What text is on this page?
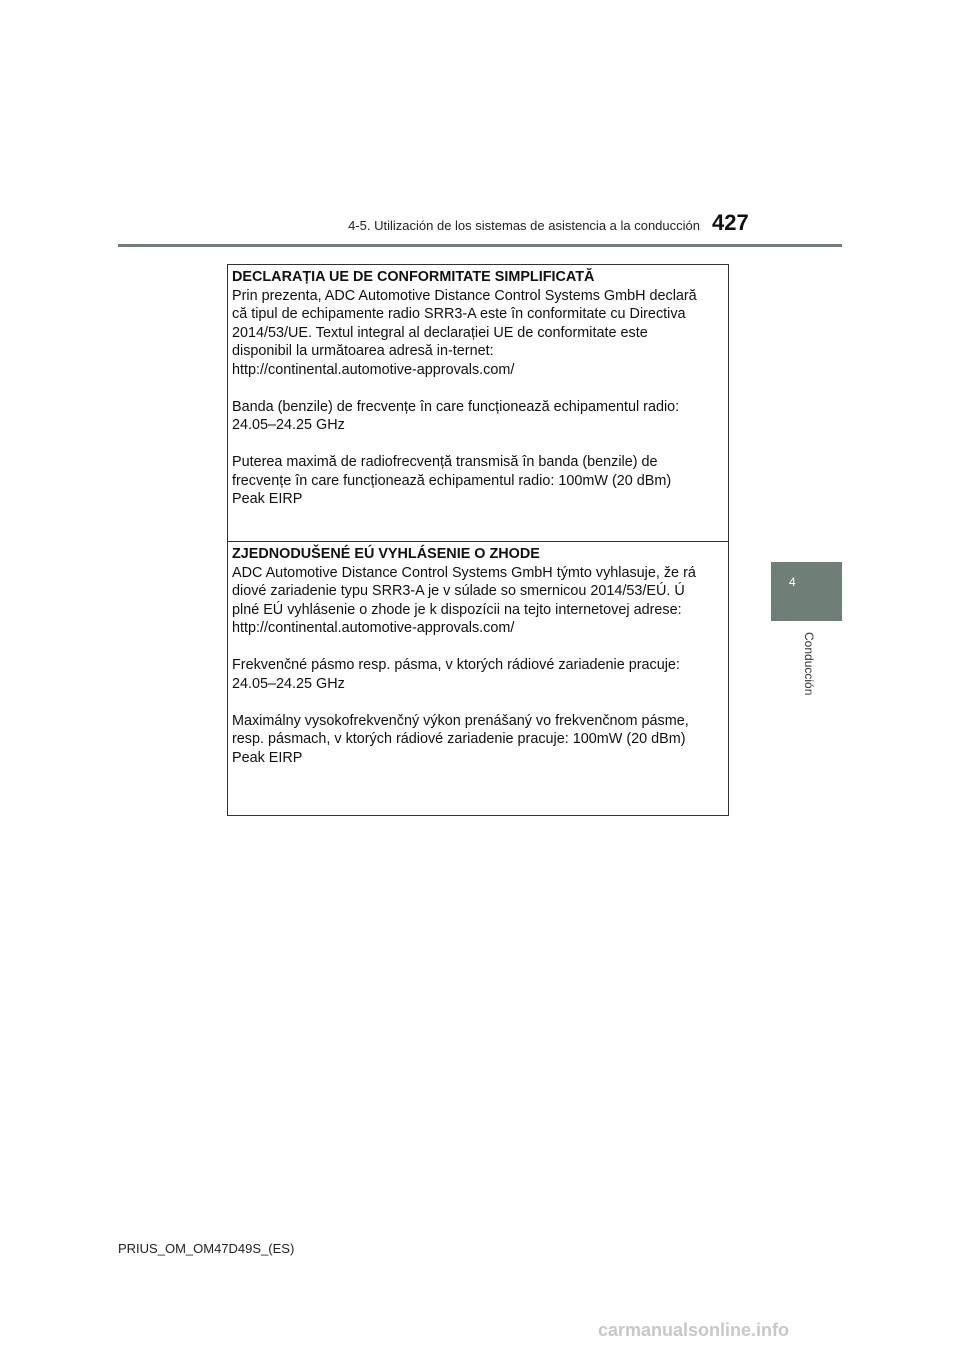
4-5. Utilización de los sistemas de asistencia a la conducción 427
4
Conducción
DECLARAȚIA UE DE CONFORMITATE SIMPLIFICATĂ
Prin prezenta, ADC Automotive Distance Control Systems GmbH declară
că tipul de echipamente radio SRR3-A este în conformitate cu Directiva
2014/53/UE. Textul integral al declarației UE de conformitate este
disponibil la următoarea adresă in-ternet:
http://continental.automotive-approvals.com/
Banda (benzile) de frecvențe în care funcționează echipamentul radio:
24.05–24.25 GHz
Puterea maximă de radiofrecvență transmisă în banda (benzile) de
frecvențe în care funcționează echipamentul radio: 100mW (20 dBm)
Peak EIRP
ZJEDNODUŠENÉ EÚ VYHLÁSENIE O ZHODE
ADC Automotive Distance Control Systems GmbH týmto vyhlasuje, že rá
diové zariadenie typu SRR3-A je v súlade so smernicou 2014/53/EÚ. Ú
plné EÚ vyhlásenie o zhode je k dispozícii na tejto internetovej adrese:
http://continental.automotive-approvals.com/
Frekvenčné pásmo resp. pásma, v ktorých rádiové zariadenie pracuje:
24.05–24.25 GHz
Maximálny vysokofrekvenčný výkon prenášaný vo frekvenčnom pásme,
resp. pásmach, v ktorých rádiové zariadenie pracuje: 100mW (20 dBm)
Peak EIRP
PRIUS_OM_OM47D49S_(ES)
carmanualsonline.info
